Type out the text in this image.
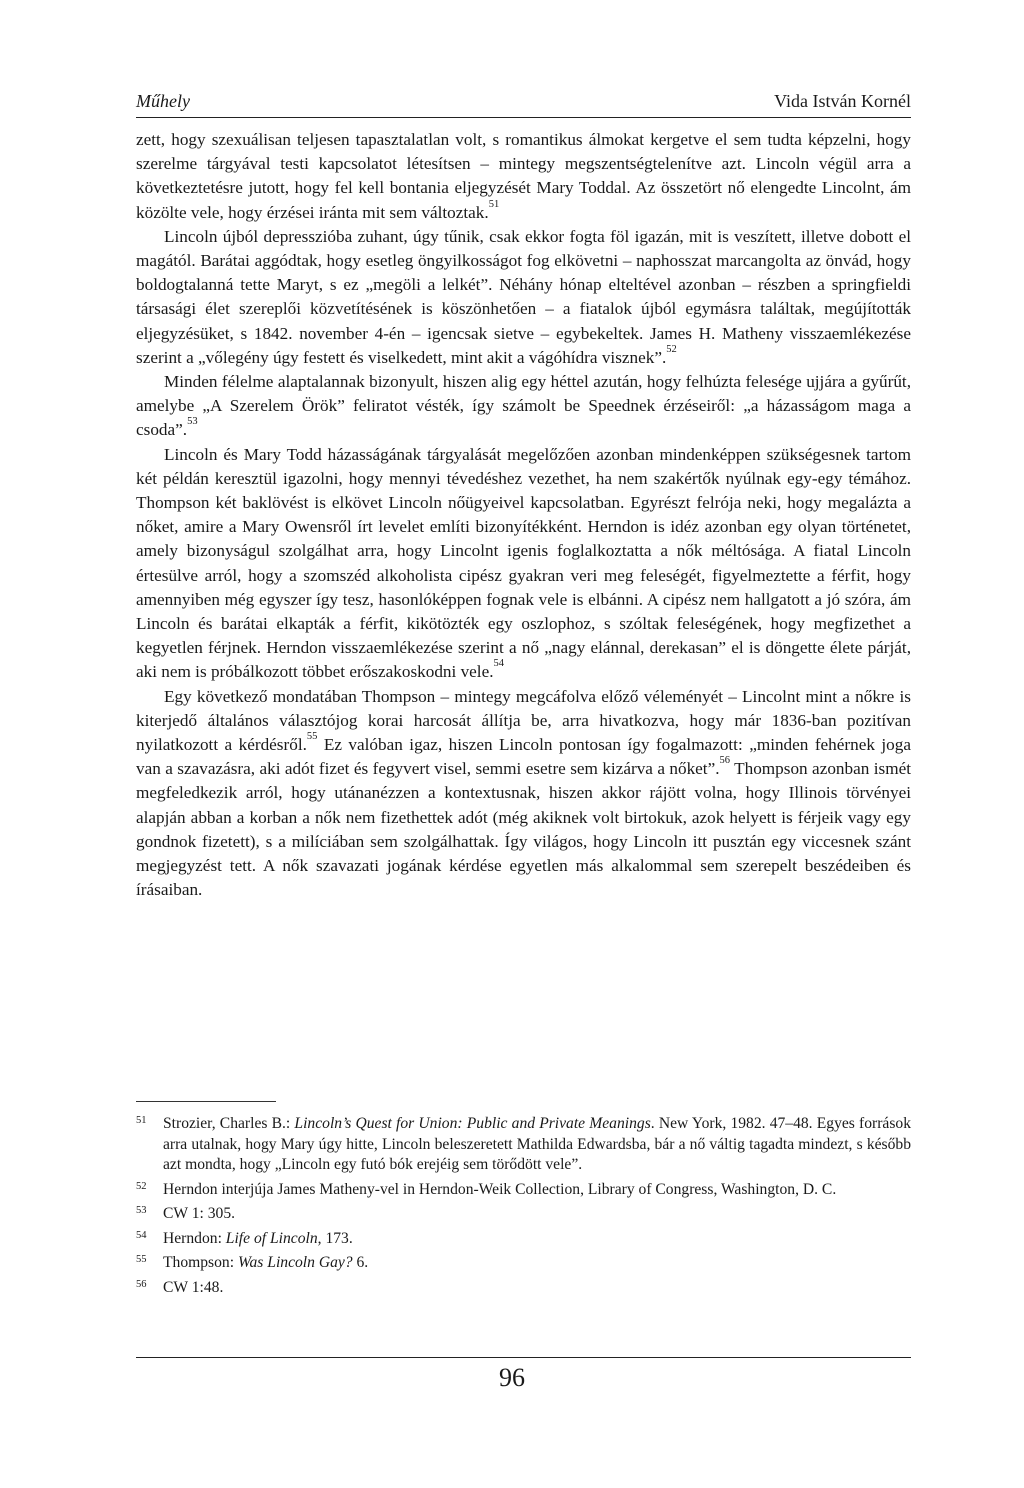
Műhely	Vida István Kornél

zett, hogy szexuálisan teljesen tapasztalatlan volt, s romantikus álmokat kergetve el sem tudta képzelni, hogy szerelme tárgyával testi kapcsolatot létesítsen – mintegy megszentségtelenítve azt. Lincoln végül arra a következtetésre jutott, hogy fel kell bontania eljegyzését Mary Toddal. Az összetört nő elengedte Lincolnt, ám közölte vele, hogy érzései iránta mit sem változtak.$^{51}$

Lincoln újból depresszióba zuhant, úgy tűnik, csak ekkor fogta föl igazán, mit is veszített, illetve dobott el magától. Barátai aggódtak, hogy esetleg öngyilkosságot fog elkövetni – naphosszat marcangolta az önvád, hogy boldogtalanná tette Maryt, s ez „megöli a lelkét”. Néhány hónap elteltével azonban – részben a springfieldi társasági élet szereplői közvetítésének is köszönhetően – a fiatalok újból egymásra találtak, megújították eljegyzésüket, s 1842. november 4-én – igencsak sietve – egybekeltek. James H. Matheny visszaemlékezése szerint a „vőlegény úgy festett és viselkedett, mint akit a vágóhídra visznek”.$^{52}$

Minden félelme alaptalannak bizonyult, hiszen alig egy héttel azután, hogy felhúzta felesége ujjára a gyűrűt, amelybe „A Szerelem Örök” feliratot vésték, így számolt be Speednek érzéseiről: „a házasságom maga a csoda”.$^{53}$

Lincoln és Mary Todd házasságának tárgyalását megelőzően azonban mindenképpen szükségesnek tartom két példán keresztül igazolni, hogy mennyi tévedéshez vezethet, ha nem szakértők nyúlnak egy-egy témához. Thompson két baklövést is elkövet Lincoln nőügyeivel kapcsolatban. Egyrészt felrója neki, hogy megalázta a nőket, amire a Mary Owensről írt levelet említi bizonyítékként. Herndon is idéz azonban egy olyan történetet, amely bizonyságul szolgálhat arra, hogy Lincolnt igenis foglalkoztatta a nők méltósága. A fiatal Lincoln értesülve arról, hogy a szomszéd alkoholista cipész gyakran veri meg feleségét, figyelmeztette a férfit, hogy amennyiben még egyszer így tesz, hasonlóképpen fognak vele is elbánni. A cipész nem hallgatott a jó szóra, ám Lincoln és barátai elkapták a férfit, kikötözték egy oszlophoz, s szóltak feleségének, hogy megfizethet a kegyetlen férjnek. Herndon visszaemlékezése szerint a nő „nagy elánnal, derekasan” el is döngette élete párját, aki nem is próbálkozott többet erőszakoskodni vele.$^{54}$

Egy következő mondatában Thompson – mintegy megcáfolva előző véleményét – Lincolnt mint a nőkre is kiterjedő általános választójog korai harcosát állítja be, arra hivatkozva, hogy már 1836-ban pozitívan nyilatkozott a kérdésről.$^{55}$ Ez valóban igaz, hiszen Lincoln pontosan így fogalmazott: „minden fehérnek joga van a szavazásra, aki adót fizet és fegyvert visel, semmi esetre sem kizárva a nőket”.$^{56}$ Thompson azonban ismét megfeledkezik arról, hogy utánanézzen a kontextusnak, hiszen akkor rájött volna, hogy Illinois törvényei alapján abban a korban a nők nem fizethettek adót (még akiknek volt birtokuk, azok helyett is férjeik vagy egy gondnok fizetett), s a milíciában sem szolgálhattak. Így világos, hogy Lincoln itt pusztán egy viccesnek szánt megjegyzést tett. A nők szavazati jogának kérdése egyetlen más alkalommal sem szerepelt beszédeiben és írásaiban.

51 Strozier, Charles B.: Lincoln’s Quest for Union: Public and Private Meanings. New York, 1982. 47–48. Egyes források arra utalnak, hogy Mary úgy hitte, Lincoln beleszeretett Mathilda Edwardsba, bár a nő váltig tagadta mindezt, s később azt mondta, hogy „Lincoln egy futó bók erejéig sem törődött vele”.
52 Herndon interjúja James Matheny-vel in Herndon-Weik Collection, Library of Congress, Washington, D. C.
53 CW 1: 305.
54 Herndon: Life of Lincoln, 173.
55 Thompson: Was Lincoln Gay? 6.
56 CW 1:48.
96
